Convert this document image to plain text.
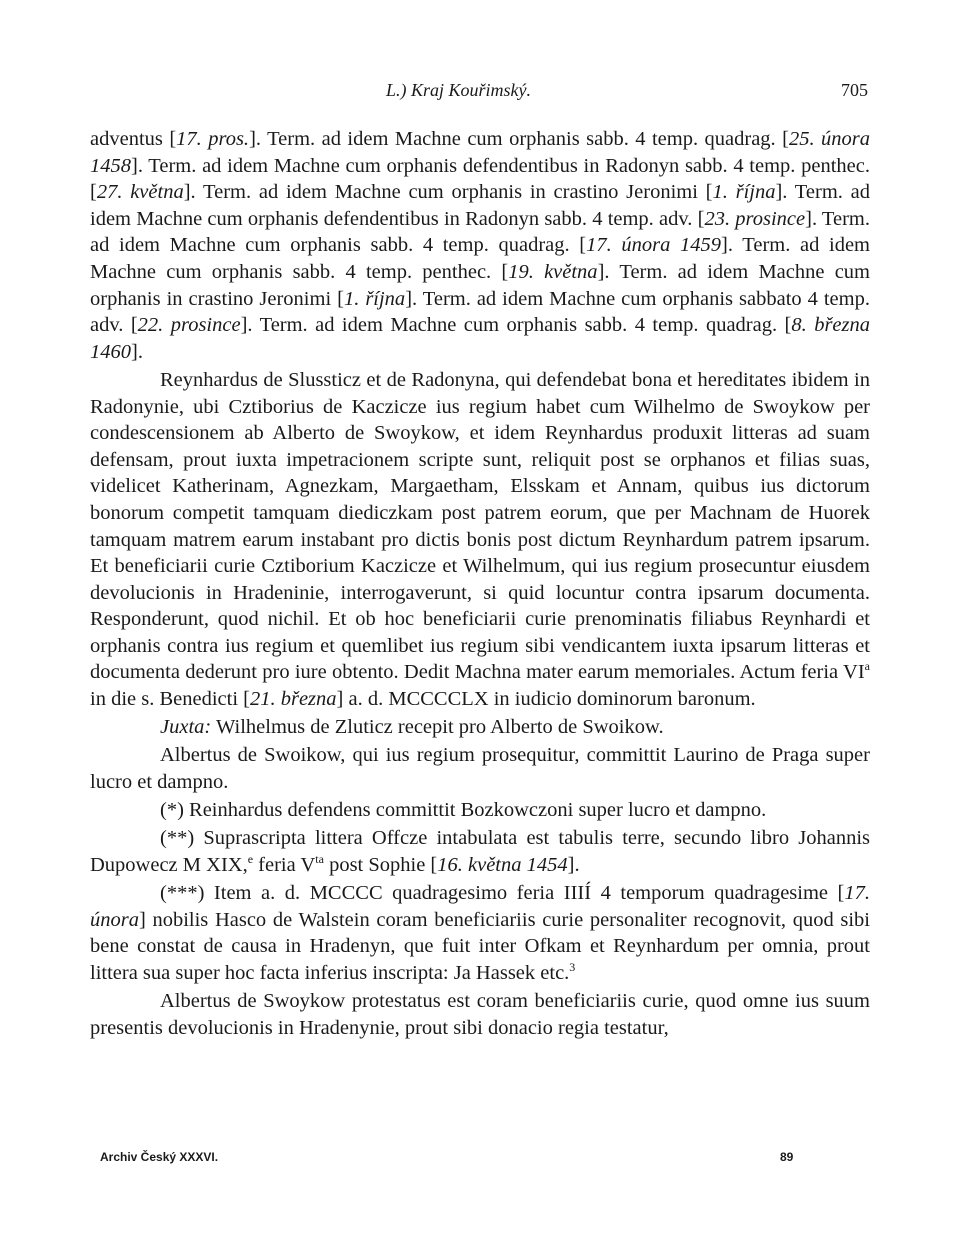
L.) Kraj Kouřimský.	705

adventus [17. pros.]. Term. ad idem Machne cum orphanis sabb. 4 temp. quadrag. [25. února 1458]. Term. ad idem Machne cum orphanis defendentibus in Radonyn sabb. 4 temp. penthec. [27. května]. Term. ad idem Machne cum orphanis in crastino Jeronimi [1. října]. Term. ad idem Machne cum orphanis defendentibus in Radonyn sabb. 4 temp. adv. [23. prosince]. Term. ad idem Machne cum orphanis sabb. 4 temp. quadrag. [17. února 1459]. Term. ad idem Machne cum orphanis sabb. 4 temp. penthec. [19. května]. Term. ad idem Machne cum orphanis in crastino Jeronimi [1. října]. Term. ad idem Machne cum orphanis sabbato 4 temp. adv. [22. prosince]. Term. ad idem Machne cum orphanis sabb. 4 temp. quadrag. [8. března 1460].

Reynhardus de Slussticz et de Radonyna, qui defendebat bona et hereditates ibidem in Radonynie, ubi Cztiborius de Kaczicze ius regium habet cum Wilhelmo de Swoykow per condescensionem ab Alberto de Swoykow, et idem Reynhardus produxit litteras ad suam defensam, prout iuxta impetracionem scripte sunt, reliquit post se orphanos et filias suas, videlicet Katherinam, Agnezkam, Margaetham, Elsskam et Annam, quibus ius dictorum bonorum competit tamquam diediczkam post patrem eorum, que per Machnam de Huorek tamquam matrem earum instabant pro dictis bonis post dictum Reynhardum patrem ipsarum. Et beneficiarii curie Cztiborium Kaczicze et Wilhelmum, qui ius regium prosecuntur eiusdem devolucionis in Hradeninie, interrogaverunt, si quid locuntur contra ipsarum documenta. Responderunt, quod nichil. Et ob hoc beneficiarii curie prenominatis filiabus Reynhardi et orphanis contra ius regium et quemlibet ius regium sibi vendicantem iuxta ipsarum litteras et documenta dederunt pro iure obtento. Dedit Machna mater earum memoriales. Actum feria $VI^a$ in die s. Benedicti [21. března] a. d. MCCCCLX in iudicio dominorum baronum.

Juxta: Wilhelmus de Zluticz recepit pro Alberto de Swoikow.

Albertus de Swoikow, qui ius regium prosequitur, committit Laurino de Praga super lucro et dampno.

(*) Reinhardus defendens committit Bozkowczoni super lucro et dampno.

(**) Suprascripta littera Offcze intabulata est tabulis terre, secundo libro Johannis Dupowecz M XIX,$^e$ feria $V^{ta}$ post Sophie [16. května 1454].

(***) Item a. d. MCCCC quadragesimo feria IIIÍ 4 temporum quadragesime [17. února] nobilis Hasco de Walstein coram beneficiariis curie personaliter recognovit, quod sibi bene constat de causa in Hradenyn, que fuit inter Ofkam et Reynhardum per omnia, prout littera sua super hoc facta inferius inscripta: Ja Hassek etc.$^3$

Albertus de Swoykow protestatus est coram beneficiariis curie, quod omne ius suum presentis devolucionis in Hradenynie, prout sibi donacio regia testatur,

Archiv Český XXXVI.	89
